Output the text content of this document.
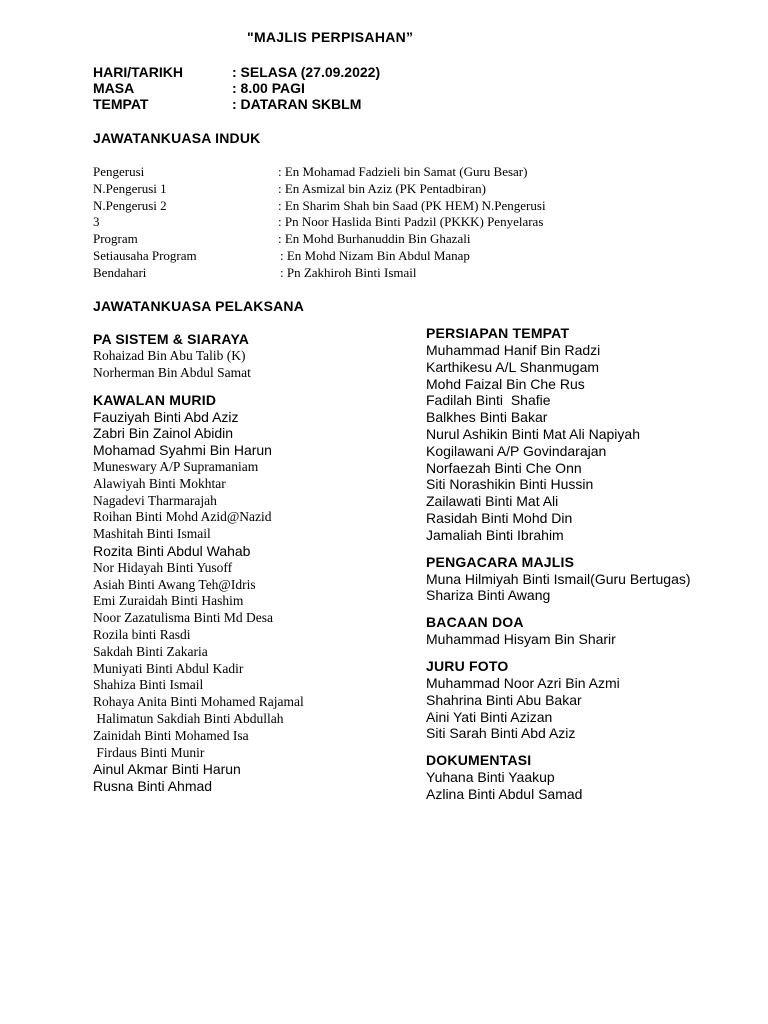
"MAJLIS PERPISAHAN”
HARI/TARIKH	: SELASA (27.09.2022)
MASA	: 8.00 PAGI
TEMPAT	: DATARAN SKBLM
JAWATANKUASA INDUK
Pengerusi	: En Mohamad Fadzieli bin Samat (Guru Besar)
N.Pengerusi 1	: En Asmizal bin Aziz (PK Pentadbiran)
N.Pengerusi 2	: En Sharim Shah bin Saad (PK HEM) N.Pengerusi
3	: Pn Noor Haslida Binti Padzil (PKKK) Penyelaras
Program	: En Mohd Burhanuddin Bin Ghazali
Setiausaha Program	: En Mohd Nizam Bin Abdul Manap
Bendahari	: Pn Zakhiroh Binti Ismail
JAWATANKUASA PELAKSANA
PA SISTEM & SIARAYA
Rohaizad Bin Abu Talib (K)
Norherman Bin Abdul Samat
KAWALAN MURID
Fauziyah Binti Abd Aziz
Zabri Bin Zainol Abidin
Mohamad Syahmi Bin Harun
Muneswary A/P Supramaniam
Alawiyah Binti Mokhtar
Nagadevi Tharmarajah
Roihan Binti Mohd Azid@Nazid
Mashitah Binti Ismail
Rozita Binti Abdul Wahab
Nor Hidayah Binti Yusoff
Asiah Binti Awang Teh@Idris
Emi Zuraidah Binti Hashim
Noor Zazatulisma Binti Md Desa
Rozila binti Rasdi
Sakdah Binti Zakaria
Muniyati Binti Abdul Kadir
Shahiza Binti Ismail
Rohaya Anita Binti Mohamed Rajamal
Halimatun Sakdiah Binti Abdullah
Zainidah Binti Mohamed Isa
Firdaus Binti Munir
Ainul Akmar Binti Harun
Rusna Binti Ahmad
PERSIAPAN TEMPAT
Muhammad Hanif Bin Radzi
Karthikesu A/L Shanmugam
Mohd Faizal Bin Che Rus
Fadilah Binti  Shafie
Balkhes Binti Bakar
Nurul Ashikin Binti Mat Ali Napiyah
Kogilawani A/P Govindarajan
Norfaezah Binti Che Onn
Siti Norashikin Binti Hussin
Zailawati Binti Mat Ali
Rasidah Binti Mohd Din
Jamaliah Binti Ibrahim
PENGACARA MAJLIS
Muna Hilmiyah Binti Ismail(Guru Bertugas)
Shariza Binti Awang
BACAAN DOA
Muhammad Hisyam Bin Sharir
JURU FOTO
Muhammad Noor Azri Bin Azmi
Shahrina Binti Abu Bakar
Aini Yati Binti Azizan
Siti Sarah Binti Abd Aziz
DOKUMENTASI
Yuhana Binti Yaakup
Azlina Binti Abdul Samad
